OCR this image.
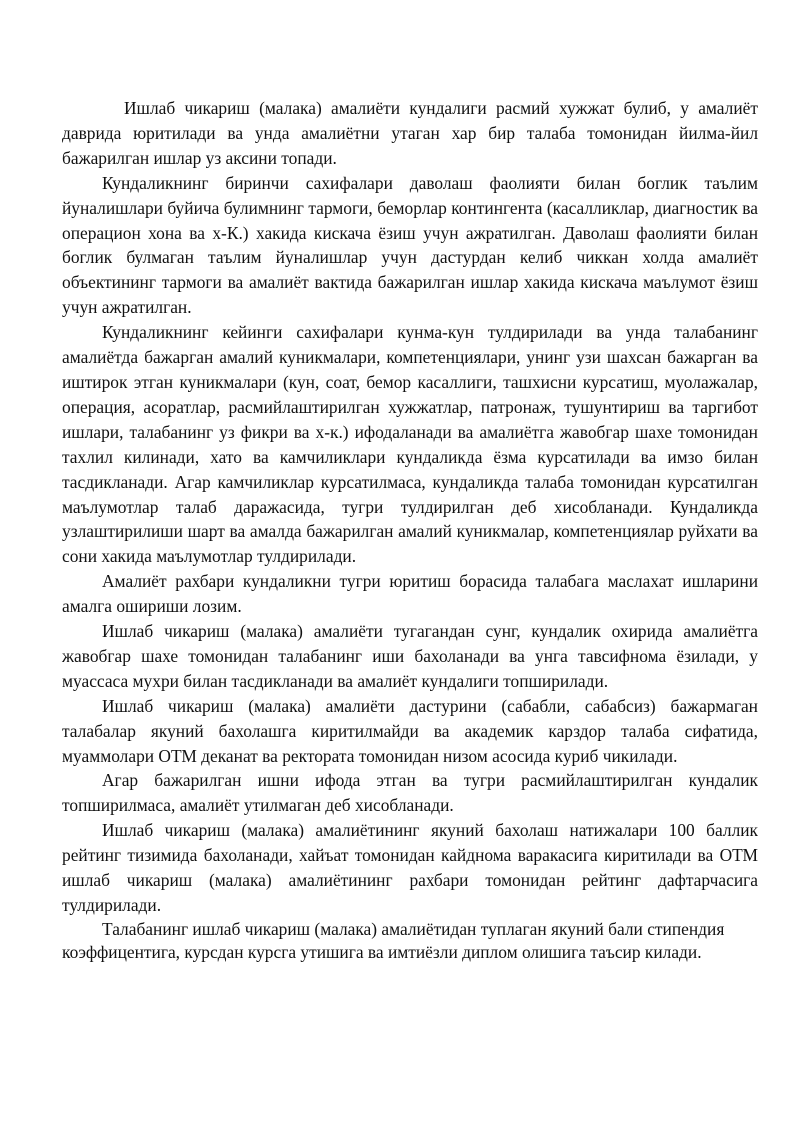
Ишлаб чикариш (малака) амалиёти кундалиги расмий хужжат булиб, у амалиёт даврида юритилади ва унда амалиётни утаган хар бир талаба томонидан йилма-йил бажарилган ишлар уз аксини топади.

Кундаликнинг биринчи сахифалари даволаш фаолияти билан боглик таълим йуналишлари буйича булимнинг тармоги, беморлар контингента (касалликлар, диагностик ва операцион хона ва х-К.) хакида кискача ёзиш учун ажратилган. Даволаш фаолияти билан боглик булмаган таълим йуналишлар учун дастурдан келиб чиккан холда амалиёт объектининг тармоги ва амалиёт вактида бажарилган ишлар хакида кискача маълумот ёзиш учун ажратилган.

Кундаликнинг кейинги сахифалари кунма-кун тулдирилади ва унда талабанинг амалиётда бажарган амалий куникмалари, компетенциялари, унинг узи шахсан бажарган ва иштирок этган куникмалари (кун, соат, бемор касаллиги, ташхисни курсатиш, муолажалар, операция, асоратлар, расмийлаштирилган хужжатлар, патронаж, тушунтириш ва таргибот ишлари, талабанинг уз фикри ва х-к.) ифодаланади ва амалиётга жавобгар шахе томонидан тахлил килинади, хато ва камчиликлари кундаликда ёзма курсатилади ва имзо билан тасдикланади. Агар камчиликлар курсатилмаса, кундаликда талаба томонидан курсатилган маълумотлар талаб даражасида, тугри тулдирилган деб хисобланади. Кундаликда узлаштирилиши шарт ва амалда бажарилган амалий куникмалар, компетенциялар руйхати ва сони хакида маълумотлар тулдирилади.

Амалиёт рахбари кундаликни тугри юритиш борасида талабага маслахат ишларини амалга ошириши лозим.

Ишлаб чикариш (малака) амалиёти тугагандан сунг, кундалик охирида амалиётга жавобгар шахе томонидан талабанинг иши бахоланади ва унга тавсифнома ёзилади, у муассаса мухри билан тасдикланади ва амалиёт кундалиги топширилади.

Ишлаб чикариш (малака) амалиёти дастурини (сабабли, сабабсиз) бажармаган талабалар якуний бахолашга киритилмайди ва академик карздор талаба сифатида, муаммолари ОТМ деканат ва ректората томонидан низом асосида куриб чикилади.

Агар бажарилган ишни ифода этган ва тугри расмийлаштирилган кундалик топширилмаса, амалиёт утилмаган деб хисобланади.

Ишлаб чикариш (малака) амалиётининг якуний бахолаш натижалари 100 баллик рейтинг тизимида бахоланади, хайъат томонидан кайднома варакасига киритилади ва ОТМ ишлаб чикариш (малака) амалиётининг рахбари томонидан рейтинг дафтарчасига тулдирилади.

Талабанинг ишлаб чикариш (малака) амалиётидан туплаган якуний бали стипендия коэффицентига, курсдан курсга утишига ва имтиёзли диплом олишига таъсир килади.
